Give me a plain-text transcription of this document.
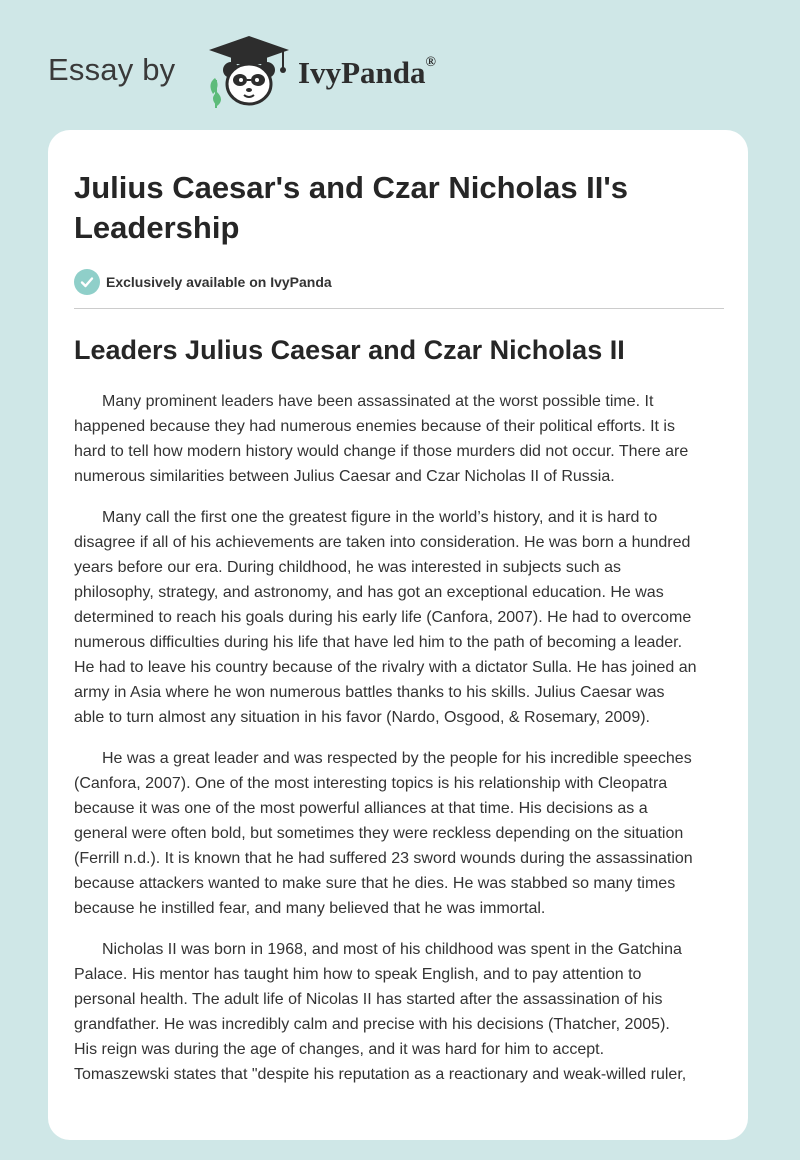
Essay by	IvyPanda®
Julius Caesar's and Czar Nicholas II's Leadership
Exclusively available on IvyPanda
Leaders Julius Caesar and Czar Nicholas II

Many prominent leaders have been assassinated at the worst possible time. It
happened because they had numerous enemies because of their political efforts. It is
hard to tell how modern history would change if those murders did not occur. There are
numerous similarities between Julius Caesar and Czar Nicholas II of Russia.

Many call the first one the greatest figure in the world’s history, and it is hard to
disagree if all of his achievements are taken into consideration. He was born a hundred
years before our era. During childhood, he was interested in subjects such as
philosophy, strategy, and astronomy, and has got an exceptional education. He was
determined to reach his goals during his early life (Canfora, 2007). He had to overcome
numerous difficulties during his life that have led him to the path of becoming a leader.
He had to leave his country because of the rivalry with a dictator Sulla. He has joined an
army in Asia where he won numerous battles thanks to his skills. Julius Caesar was
able to turn almost any situation in his favor (Nardo, Osgood, & Rosemary, 2009).

He was a great leader and was respected by the people for his incredible speeches
(Canfora, 2007). One of the most interesting topics is his relationship with Cleopatra
because it was one of the most powerful alliances at that time. His decisions as a
general were often bold, but sometimes they were reckless depending on the situation
(Ferrill n.d.). It is known that he had suffered 23 sword wounds during the assassination
because attackers wanted to make sure that he dies. He was stabbed so many times
because he instilled fear, and many believed that he was immortal.

Nicholas II was born in 1968, and most of his childhood was spent in the Gatchina
Palace. His mentor has taught him how to speak English, and to pay attention to
personal health. The adult life of Nicolas II has started after the assassination of his
grandfather. He was incredibly calm and precise with his decisions (Thatcher, 2005).
His reign was during the age of changes, and it was hard for him to accept.
Tomaszewski states that "despite his reputation as a reactionary and weak-willed ruler,
